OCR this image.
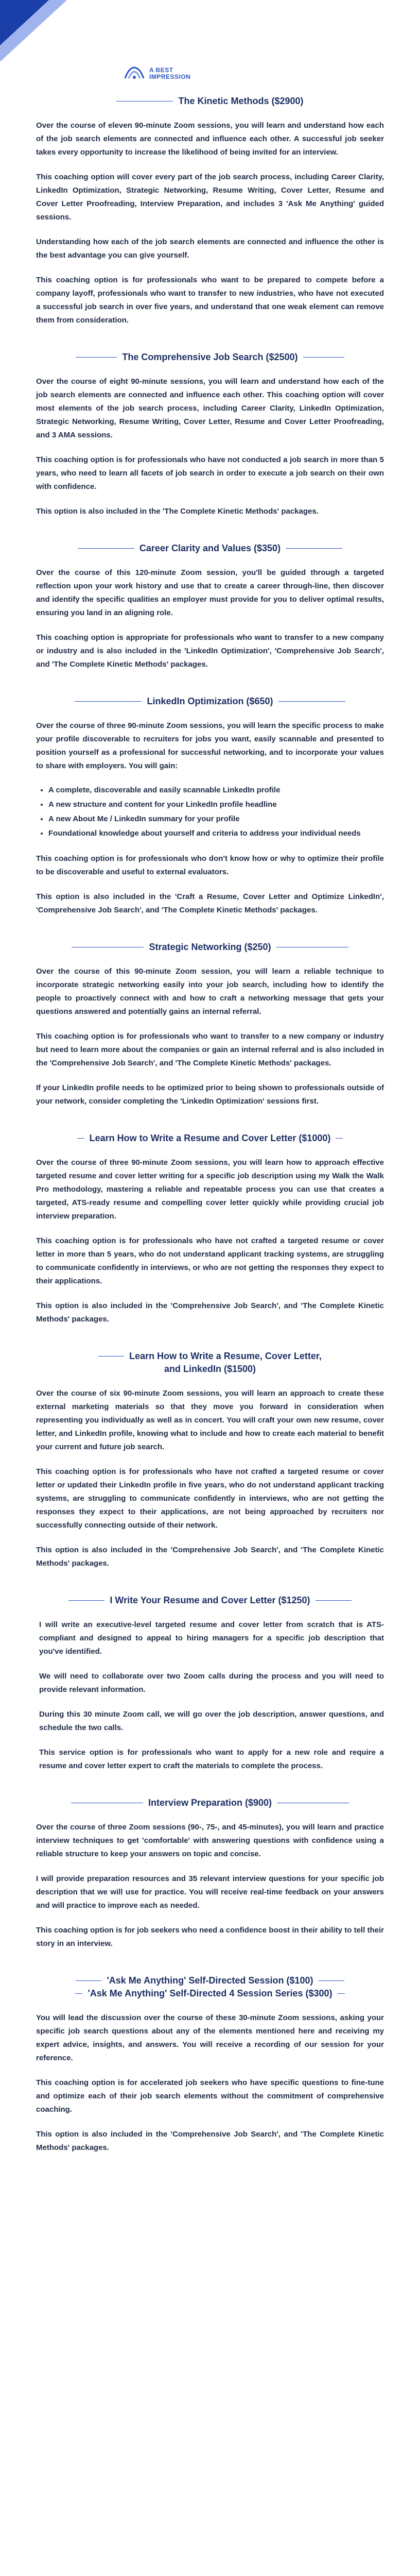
A BEST
IMPRESSION
The Kinetic Methods ($2900)

Over the course of eleven 90-minute Zoom sessions, you will learn and understand how each of the job search elements are connected and influence each other. A successful job seeker takes every opportunity to increase the likelihood of being invited for an interview.

This coaching option will cover every part of the job search process, including Career Clarity, LinkedIn Optimization, Strategic Networking, Resume Writing, Cover Letter, Resume and Cover Letter Proofreading, Interview Preparation, and includes 3 'Ask Me Anything' guided sessions.

Understanding how each of the job search elements are connected and influence the other is the best advantage you can give yourself.

This coaching option is for professionals who want to be prepared to compete before a company layoff, professionals who want to transfer to new industries, who have not executed a successful job search in over five years, and understand that one weak element can remove them from consideration.

The Comprehensive Job Search ($2500)

Over the course of eight 90-minute sessions, you will learn and understand how each of the job search elements are connected and influence each other. This coaching option will cover most elements of the job search process, including Career Clarity, LinkedIn Optimization, Strategic Networking, Resume Writing, Cover Letter, Resume and Cover Letter Proofreading, and 3 AMA sessions.

This coaching option is for professionals who have not conducted a job search in more than 5 years, who need to learn all facets of job search in order to execute a job search on their own with confidence.

This option is also included in the 'The Complete Kinetic Methods' packages.

Career Clarity and Values ($350)

Over the course of this 120-minute Zoom session, you'll be guided through a targeted reflection upon your work history and use that to create a career through-line, then discover and identify the specific qualities an employer must provide for you to deliver optimal results, ensuring you land in an aligning role.

This coaching option is appropriate for professionals who want to transfer to a new company or industry and is also included in the 'LinkedIn Optimization', 'Comprehensive Job Search', and 'The Complete Kinetic Methods' packages.

LinkedIn Optimization ($650)

Over the course of three 90-minute Zoom sessions, you will learn the specific process to make your profile discoverable to recruiters for jobs you want, easily scannable and presented to position yourself as a professional for successful networking, and to incorporate your values to share with employers. You will gain:

• A complete, discoverable and easily scannable LinkedIn profile
• A new structure and content for your LinkedIn profile headline
• A new About Me / LinkedIn summary for your profile
• Foundational knowledge about yourself and criteria to address your individual needs

This coaching option is for professionals who don't know how or why to optimize their profile to be discoverable and useful to external evaluators.

This option is also included in the 'Craft a Resume, Cover Letter and Optimize LinkedIn', 'Comprehensive Job Search', and 'The Complete Kinetic Methods' packages.

Strategic Networking ($250)

Over the course of this 90-minute Zoom session, you will learn a reliable technique to incorporate strategic networking easily into your job search, including how to identify the people to proactively connect with and how to craft a networking message that gets your questions answered and potentially gains an internal referral.

This coaching option is for professionals who want to transfer to a new company or industry but need to learn more about the companies or gain an internal referral and is also included in the 'Comprehensive Job Search', and 'The Complete Kinetic Methods' packages.

If your LinkedIn profile needs to be optimized prior to being shown to professionals outside of your network, consider completing the 'LinkedIn Optimization' sessions first.

Learn How to Write a Resume and Cover Letter ($1000)

Over the course of three 90-minute Zoom sessions, you will learn how to approach effective targeted resume and cover letter writing for a specific job description using my Walk the Walk Pro methodology, mastering a reliable and repeatable process you can use that creates a targeted, ATS-ready resume and compelling cover letter quickly while providing crucial job interview preparation.

This coaching option is for professionals who have not crafted a targeted resume or cover letter in more than 5 years, who do not understand applicant tracking systems, are struggling to communicate confidently in interviews, or who are not getting the responses they expect to their applications.

This option is also included in the 'Comprehensive Job Search', and 'The Complete Kinetic Methods' packages.

Learn How to Write a Resume, Cover Letter,
and LinkedIn ($1500)

Over the course of six 90-minute Zoom sessions, you will learn an approach to create these external marketing materials so that they move you forward in consideration when representing you individually as well as in concert. You will craft your own new resume, cover letter, and LinkedIn profile, knowing what to include and how to create each material to benefit your current and future job search.

This coaching option is for professionals who have not crafted a targeted resume or cover letter or updated their LinkedIn profile in five years, who do not understand applicant tracking systems, are struggling to communicate confidently in interviews, who are not getting the responses they expect to their applications, are not being approached by recruiters nor successfully connecting outside of their network.

This option is also included in the 'Comprehensive Job Search', and 'The Complete Kinetic Methods' packages.

I Write Your Resume and Cover Letter ($1250)

I will write an executive-level targeted resume and cover letter from scratch that is ATS-compliant and designed to appeal to hiring managers for a specific job description that you've identified.

We will need to collaborate over two Zoom calls during the process and you will need to provide relevant information.

During this 30 minute Zoom call, we will go over the job description, answer questions, and schedule the two calls.

This service option is for professionals who want to apply for a new role and require a resume and cover letter expert to craft the materials to complete the process.

Interview Preparation ($900)

Over the course of three Zoom sessions (90-, 75-, and 45-minutes), you will learn and practice interview techniques to get 'comfortable' with answering questions with confidence using a reliable structure to keep your answers on topic and concise.

I will provide preparation resources and 35 relevant interview questions for your specific job description that we will use for practice. You will receive real-time feedback on your answers and will practice to improve each as needed.

This coaching option is for job seekers who need a confidence boost in their ability to tell their story in an interview.

'Ask Me Anything' Self-Directed Session ($100)
'Ask Me Anything' Self-Directed 4 Session Series ($300)

You will lead the discussion over the course of these 30-minute Zoom sessions, asking your specific job search questions about any of the elements mentioned here and receiving my expert advice, insights, and answers. You will receive a recording of our session for your reference.

This coaching option is for accelerated job seekers who have specific questions to fine-tune and optimize each of their job search elements without the commitment of comprehensive coaching.

This option is also included in the 'Comprehensive Job Search', and 'The Complete Kinetic Methods' packages.
